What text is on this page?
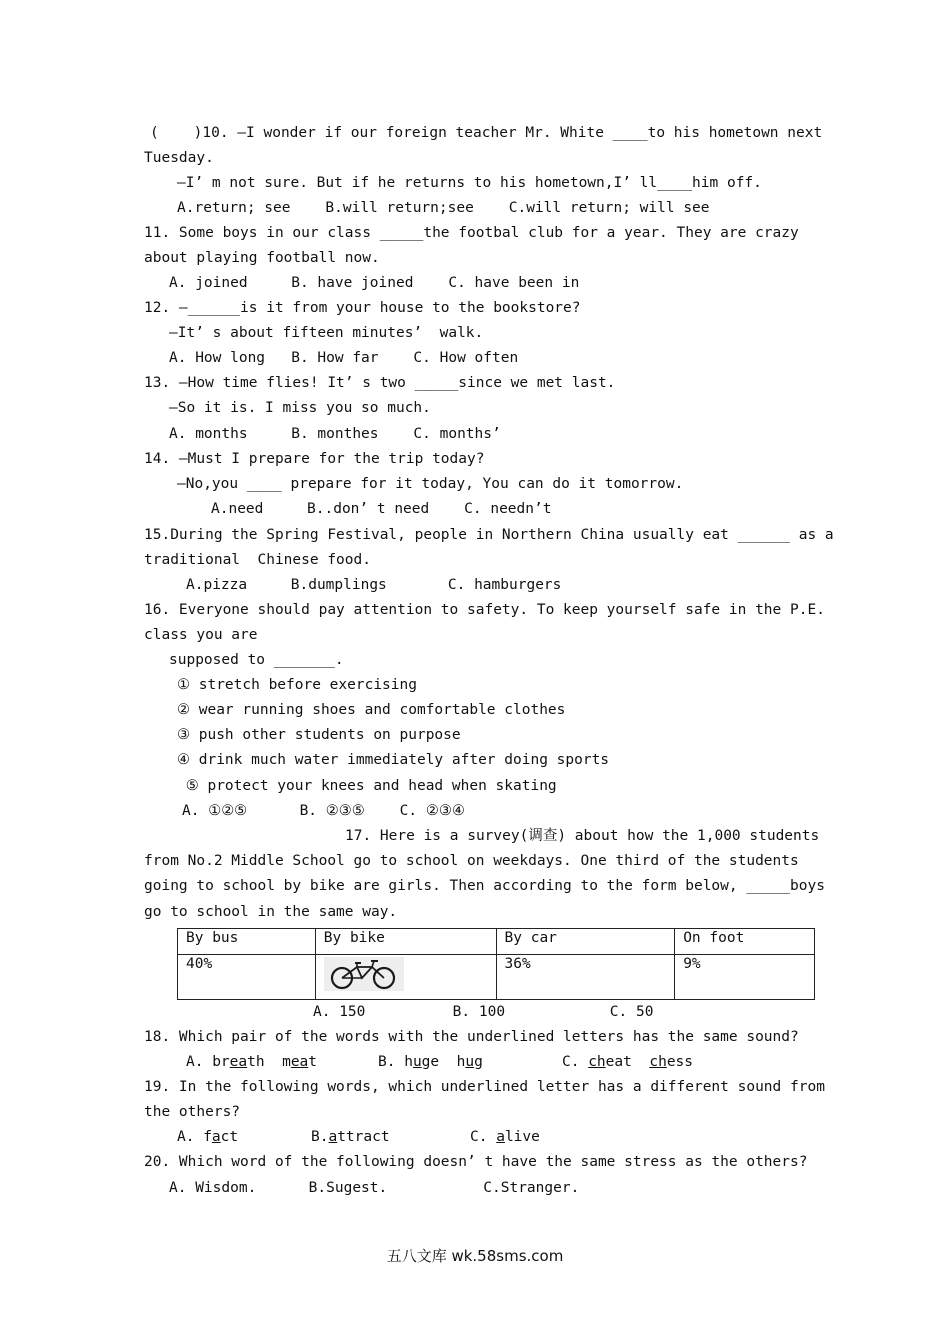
(    )10. —I wonder if our foreign teacher Mr. White ____to his hometown next
Tuesday.
—I’ m not sure. But if he returns to his hometown,I’ ll____him off.
A.return; see    B.will return;see    C.will return; will see
11. Some boys in our class _____the footbal club for a year. They are crazy
about playing football now.
A. joined     B. have joined    C. have been in
12. —______is it from your house to the bookstore?
—It’ s about fifteen minutes’  walk.
A. How long   B. How far    C. How often
13. —How time flies! It’ s two _____since we met last.
—So it is. I miss you so much.
A. months     B. monthes    C. months’
14. —Must I prepare for the trip today?
—No,you ____ prepare for it today, You can do it tomorrow.
A.need     B..don’ t need    C. needn’t
15.During the Spring Festival, people in Northern China usually eat ______ as a
traditional  Chinese food.
A.pizza     B.dumplings       C. hamburgers
16. Everyone should pay attention to safety. To keep yourself safe in the P.E.
class you are
supposed to _______.
① stretch before exercising
② wear running shoes and comfortable clothes
③ push other students on purpose
④ drink much water immediately after doing sports
⑤ protect your knees and head when skating
A. ①②⑤      B. ②③⑤    C. ②③④
17. Here is a survey(调查) about how the 1,000 students
from No.2 Middle School go to school on weekdays. One third of the students
going to school by bike are girls. Then according to the form below, _____boys
go to school in the same way.
By bus	By bike	By car	On foot
40%		36%	9%
A. 150          B. 100            C. 50
18. Which pair of the words with the underlined letters has the same sound?
A. breath meat	B. huge hug	C. cheat chess
19. In the following words, which underlined letter has a different sound from
the others?
A. fact	B.attract	C. alive
20. Which word of the following doesn’ t have the same stress as the others?
A. Wisdom.      B.Sugest.           C.Stranger.
五八文库 wk.58sms.com
